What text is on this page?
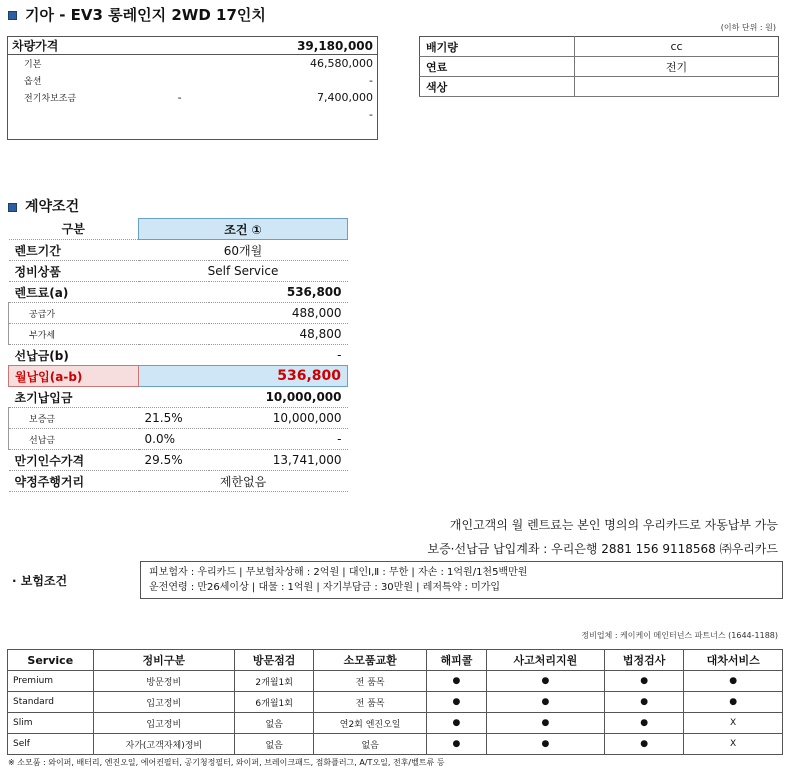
기아 - EV3 롱레인지 2WD 17인치
(이하 단위 : 원)
차량가격		39,180,000
기본		46,580,000
옵션		-
전기차보조금	-	7,400,000
		-

배기량	cc
연료	전기
색상	
계약조건
구분	조건 ①	
렌트기간	60개월	
정비상품	Self Service	
렌트료(a)	536,800	
공급가	488,000	
부가세	48,800	
선납금(b)	-	
월납입(a-b)	536,800	
초기납입금	10,000,000	
보증금	21.5%	10,000,000
선납금	0.0%	-
만기인수가격	29.5%	13,741,000
약정주행거리	제한없음	
개인고객의 월 렌트료는 본인 명의의 우리카드로 자동납부 가능
보증·선납금 납입계좌 : 우리은행 2881 156 9118568 ㈜우리카드
· 보험조건
피보험자 : 우리카드 | 무보험차상해 : 2억원 | 대인Ⅰ,Ⅱ : 무한 | 자손 : 1억원/1천5백만원
운전연령 : 만26세이상 | 대물 : 1억원 | 자기부담금 : 30만원 | 레저특약 : 미가입
정비업체 : 케이케이 메인터넌스 파트너스 (1644-1188)
Service	정비구분	방문점검	소모품교환	해피콜	사고처리지원	법정검사	대차서비스
Premium	방문정비	2개월1회	전 품목	●	●	●	●
Standard	입고정비	6개월1회	전 품목	●	●	●	●
Slim	입고정비	없음	연2회 엔진오일	●	●	●	X
Self	자가(고객자체)정비	없음	없음	●	●	●	X
※ 소모품 : 와이퍼, 배터리, 엔진오일, 에어컨필터, 공기청정필터, 와이퍼, 브레이크패드, 점화플러그, A/T오일, 전후/벨트류 등
